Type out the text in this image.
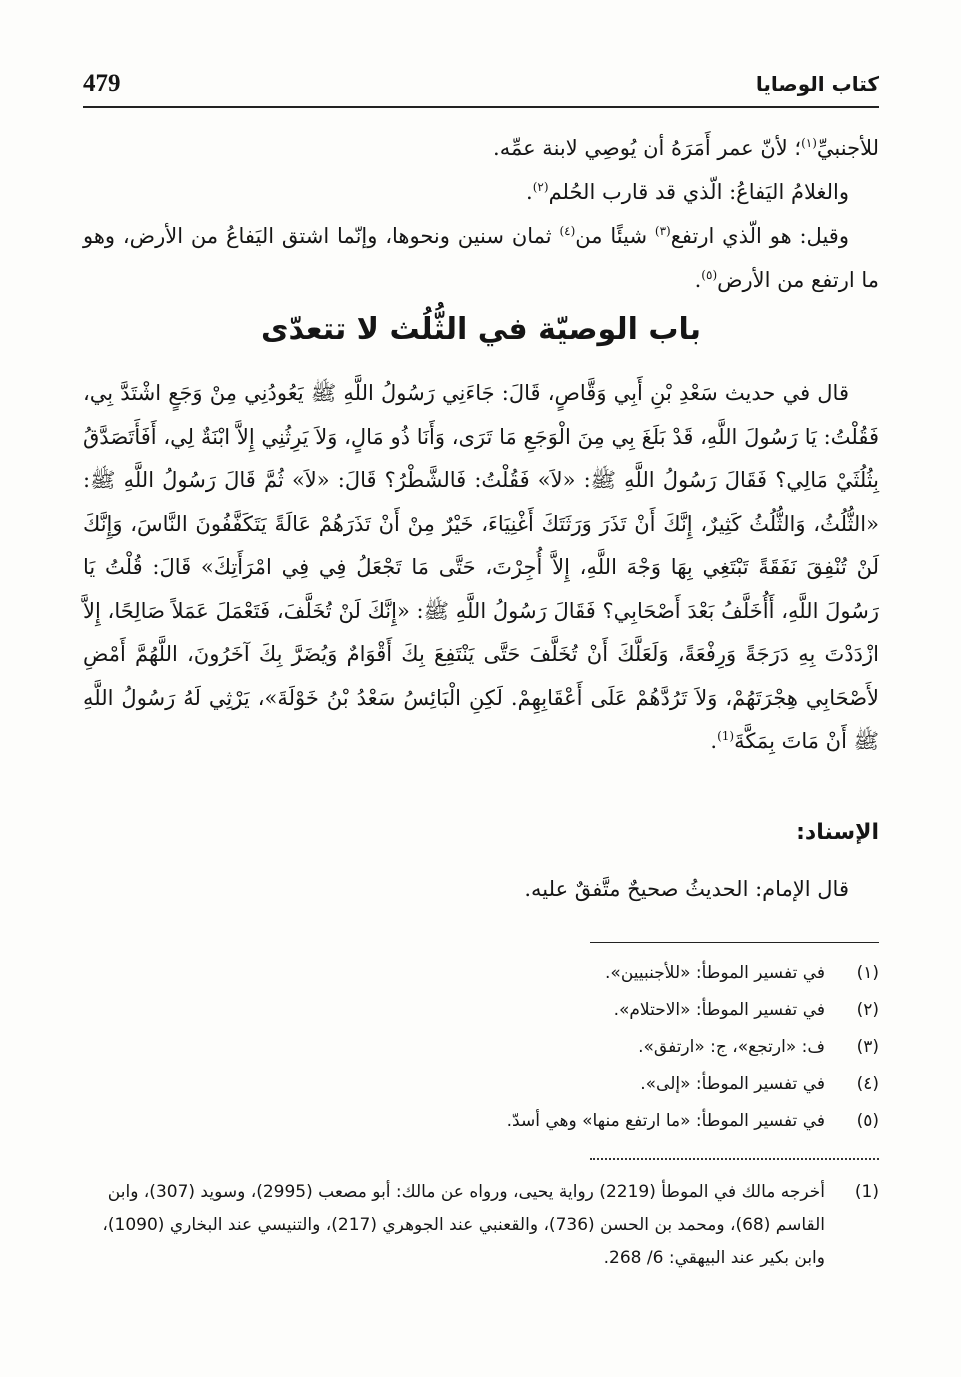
479	كتاب الوصايا

للأجنبيِّ$^{(١)}$؛ لأنّ عمر أَمَرَهُ أن يُوصِي لابنة عمِّه.

والغلامُ اليَفاعُ: الّذي قد قارب الحُلم$^{(٢)}$.

وقيل: هو الّذي ارتفع$^{(٣)}$ شيئًا من$^{(٤)}$ ثمان سنين ونحوها، وإنّما اشتق اليَفاعُ من الأرض، وهو ما ارتفع من الأرض$^{(٥)}$.

باب الوصيّة في الثُّلُث لا تتعدّى

قال في حديث سَعْدِ بْنِ أَبِي وَقَّاصٍ، قَالَ: جَاءَنِي رَسُولُ اللَّهِ ﷺ يَعُودُنِي مِنْ وَجَعٍ اشْتَدَّ بِي، فَقُلْتُ: يَا رَسُولَ اللَّهِ، قَدْ بَلَغَ بِي مِنَ الْوَجَعِ مَا تَرَى، وَأَنَا ذُو مَالٍ، وَلاَ يَرِثُنِي إِلاَّ ابْنَةٌ لِي، أَفَأَتَصَدَّقُ بِثُلُثَيْ مَالِي؟ فَقَالَ رَسُولُ اللَّهِ ﷺ: «لاَ» فَقُلْتُ: فَالشَّطْرُ؟ قَالَ: «لاَ» ثُمَّ قَالَ رَسُولُ اللَّهِ ﷺ: «الثُّلُثُ، وَالثُّلُثُ كَثِيرٌ، إِنَّكَ أَنْ تَذَرَ وَرَثَتَكَ أَغْنِيَاءَ، خَيْرٌ مِنْ أَنْ تَذَرَهُمْ عَالَةً يَتَكَفَّفُونَ النَّاسَ، وَإِنَّكَ لَنْ تُنْفِقَ نَفَقَةً تَبْتَغِي بِهَا وَجْهَ اللَّهِ، إِلاَّ أُجِرْتَ، حَتَّى مَا تَجْعَلُ فِي فِي امْرَأَتِكَ» قَالَ: قُلْتُ يَا رَسُولَ اللَّهِ، أَأُخَلَّفُ بَعْدَ أَصْحَابِي؟ فَقَالَ رَسُولُ اللَّهِ ﷺ: «إِنَّكَ لَنْ تُخَلَّفَ، فَتَعْمَلَ عَمَلاً صَالِحًا، إِلاَّ ازْدَدْتَ بِهِ دَرَجَةً وَرِفْعَةً، وَلَعَلَّكَ أَنْ تُخَلَّفَ حَتَّى يَنْتَفِعَ بِكَ أَقْوَامٌ وَيُضَرَّ بِكَ آخَرُونَ، اللَّهُمَّ أَمْضِ لأَصْحَابِي هِجْرَتَهُمْ، وَلاَ تَرُدَّهُمْ عَلَى أَعْقَابِهِمْ. لَكِنِ الْبَائِسُ سَعْدُ بْنُ خَوْلَةَ»، يَرْثِي لَهُ رَسُولُ اللَّهِ ﷺ أَنْ مَاتَ بِمَكَّةَ$^{(1)}$.

الإسناد:

قال الإمام: الحديثُ صحيحٌ متَّفقٌ عليه.

(١)في تفسير الموطأ: «للأجنبيين».
(٢)في تفسير الموطأ: «الاحتلام».
(٣)ف: «ارتجع»، ج: «ارتفق».
(٤)في تفسير الموطأ: «إلى».
(٥)في تفسير الموطأ: «ما ارتفع منها» وهي أسدّ.

(1)
أخرجه مالك في الموطأ (2219) رواية يحيى، ورواه عن مالك: أبو مصعب (2995)، وسويد (307)، وابن القاسم (68)، ومحمد بن الحسن (736)، والقعنبي عند الجوهري (217)، والتنيسي عند البخاري (1090)، وابن بكير عند البيهقي: 6/ 268.
